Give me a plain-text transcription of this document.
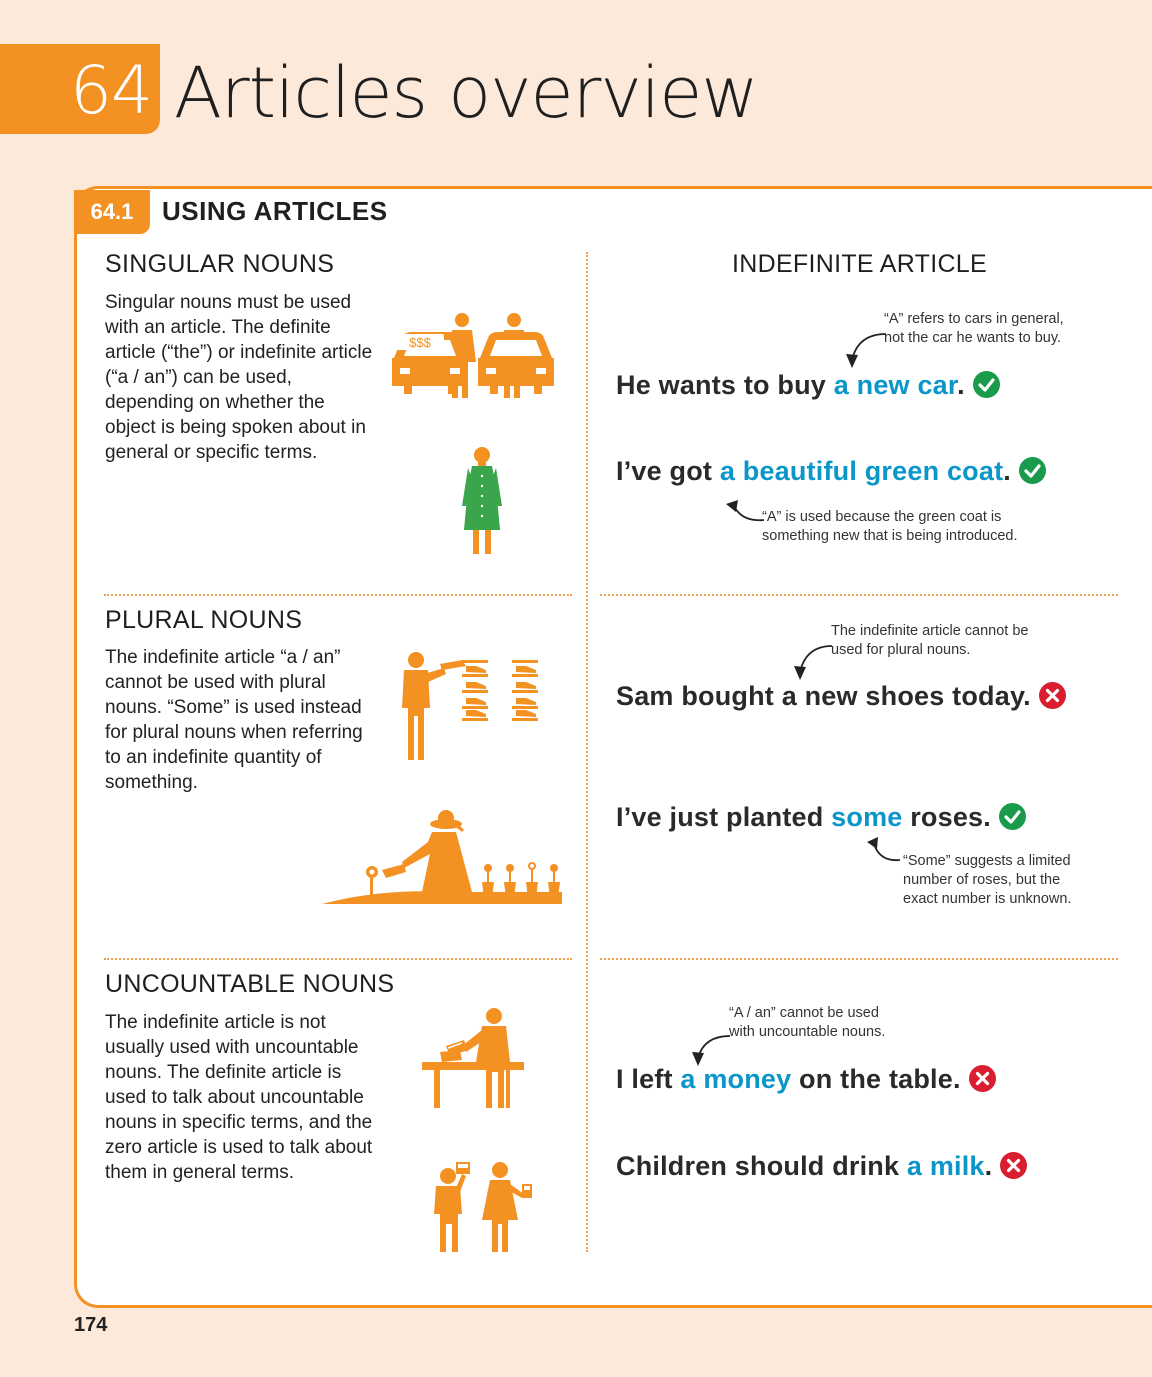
64 Articles overview
64.1	USING ARTICLES
INDEFINITE ARTICLE
SINGULAR NOUNS
Singular nouns must be used with an article. The definite article (“the”) or indefinite article (“a / an”) can be used, depending on whether the object is being spoken about in general or specific terms.
$$$
PLURAL NOUNS
The indefinite article “a / an” cannot be used with plural nouns. “Some” is used instead for plural nouns when referring to an indefinite quantity of something.
UNCOUNTABLE NOUNS
The indefinite article is not usually used with uncountable nouns. The definite article is used to talk about uncountable nouns in specific terms, and the zero article is used to talk about them in general terms.
“A” refers to cars in general, not the car he wants to buy.
He wants to buy a new car.
I’ve got a beautiful green coat.
“A” is used because the green coat is something new that is being introduced.
The indefinite article cannot be used for plural nouns.
Sam bought a new shoes today.
I’ve just planted some roses.
“Some” suggests a limited number of roses, but the exact number is unknown.
“A / an” cannot be used with uncountable nouns.
I left a money on the table.
Children should drink a milk.
174
